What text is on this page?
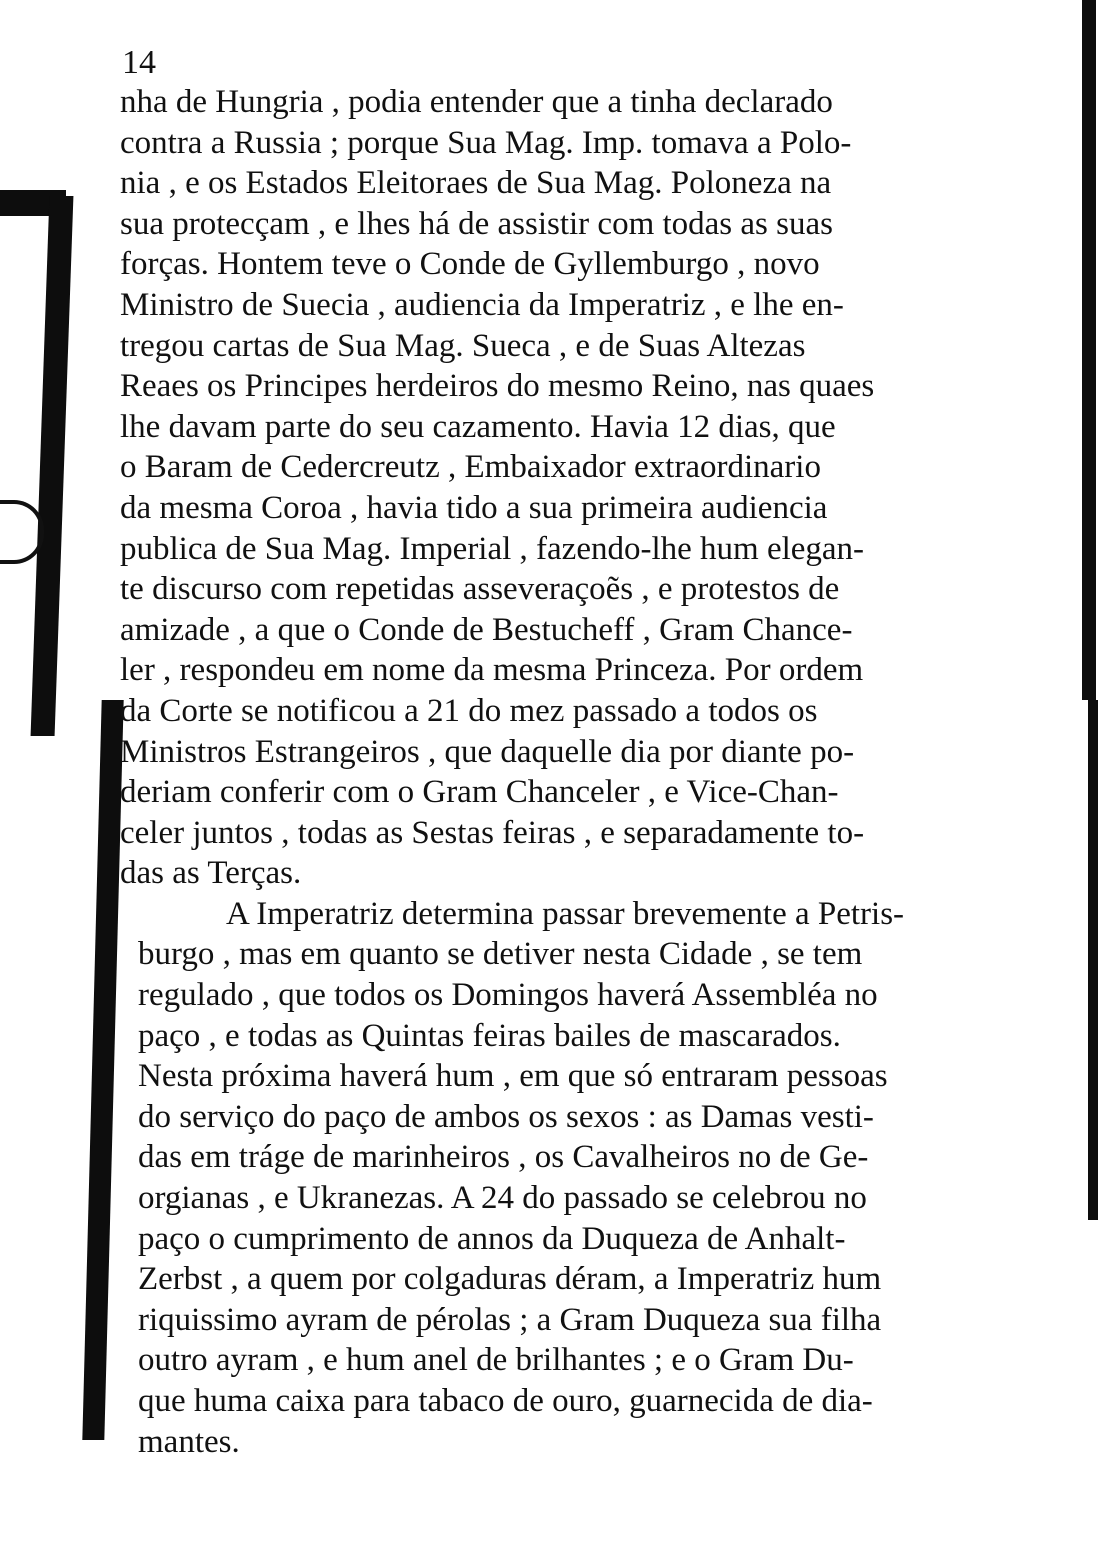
14
nha de Hungria , podia entender que a tinha declarado
contra a Russia ; porque Sua Mag. Imp. tomava a Polo-
nia , e os Estados Eleitoraes de Sua Mag. Poloneza na
sua protecçam , e lhes há de assistir com todas as suas
forças. Hontem teve o Conde de Gyllemburgo , novo
Ministro de Suecia , audiencia da Imperatriz , e lhe en-
tregou cartas de Sua Mag. Sueca , e de Suas Altezas
Reaes os Principes herdeiros do mesmo Reino, nas quaes
lhe davam parte do seu cazamento. Havia 12 dias, que
o Baram de Cedercreutz , Embaixador extraordinario
da mesma Coroa , havia tido a sua primeira audiencia
publica de Sua Mag. Imperial , fazendo-lhe hum elegan-
te discurso com repetidas asseveraçoẽs , e protestos de
amizade , a que o Conde de Bestucheff , Gram Chance-
ler , respondeu em nome da mesma Princeza. Por ordem
da Corte se notificou a 21 do mez passado a todos os
Ministros Estrangeiros , que daquelle dia por diante po-
deriam conferir com o Gram Chanceler , e Vice-Chan-
celer juntos , todas as Sestas feiras , e separadamente to-
das as Terças.
A Imperatriz determina passar brevemente a Petris-
burgo , mas em quanto se detiver nesta Cidade , se tem
regulado , que todos os Domingos haverá Assembléa no
paço , e todas as Quintas feiras bailes de mascarados.
Nesta próxima haverá hum , em que só entraram pessoas
do serviço do paço de ambos os sexos : as Damas vesti-
das em tráge de marinheiros , os Cavalheiros no de Ge-
orgianas , e Ukranezas. A 24 do passado se celebrou no
paço o cumprimento de annos da Duqueza de Anhalt-
Zerbst , a quem por colgaduras déram, a Imperatriz hum
riquissimo ayram de pérolas ; a Gram Duqueza sua filha
outro ayram , e hum anel de brilhantes ; e o Gram Du-
que huma caixa para tabaco de ouro, guarnecida de dia-
mantes.
